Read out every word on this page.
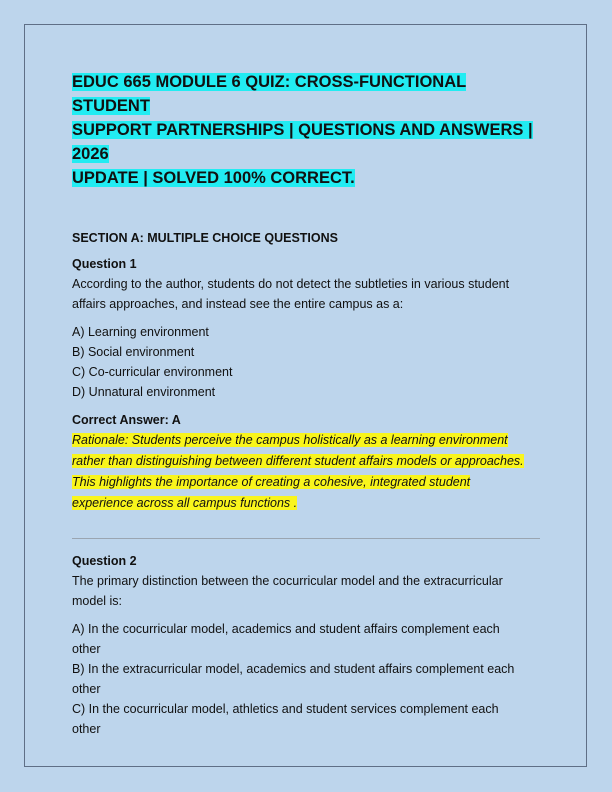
EDUC 665 MODULE 6 QUIZ: CROSS-FUNCTIONAL STUDENT
SUPPORT PARTNERSHIPS | QUESTIONS AND ANSWERS | 2026
UPDATE | SOLVED 100% CORRECT.
SECTION A: MULTIPLE CHOICE QUESTIONS
Question 1
According to the author, students do not detect the subtleties in various student
affairs approaches, and instead see the entire campus as a:
A) Learning environment
B) Social environment
C) Co-curricular environment
D) Unnatural environment
Correct Answer: A
Rationale: Students perceive the campus holistically as a learning environment
rather than distinguishing between different student affairs models or approaches.
This highlights the importance of creating a cohesive, integrated student
experience across all campus functions .
Question 2
The primary distinction between the cocurricular model and the extracurricular
model is:
A) In the cocurricular model, academics and student affairs complement each
other
B) In the extracurricular model, academics and student affairs complement each
other
C) In the cocurricular model, athletics and student services complement each
other
